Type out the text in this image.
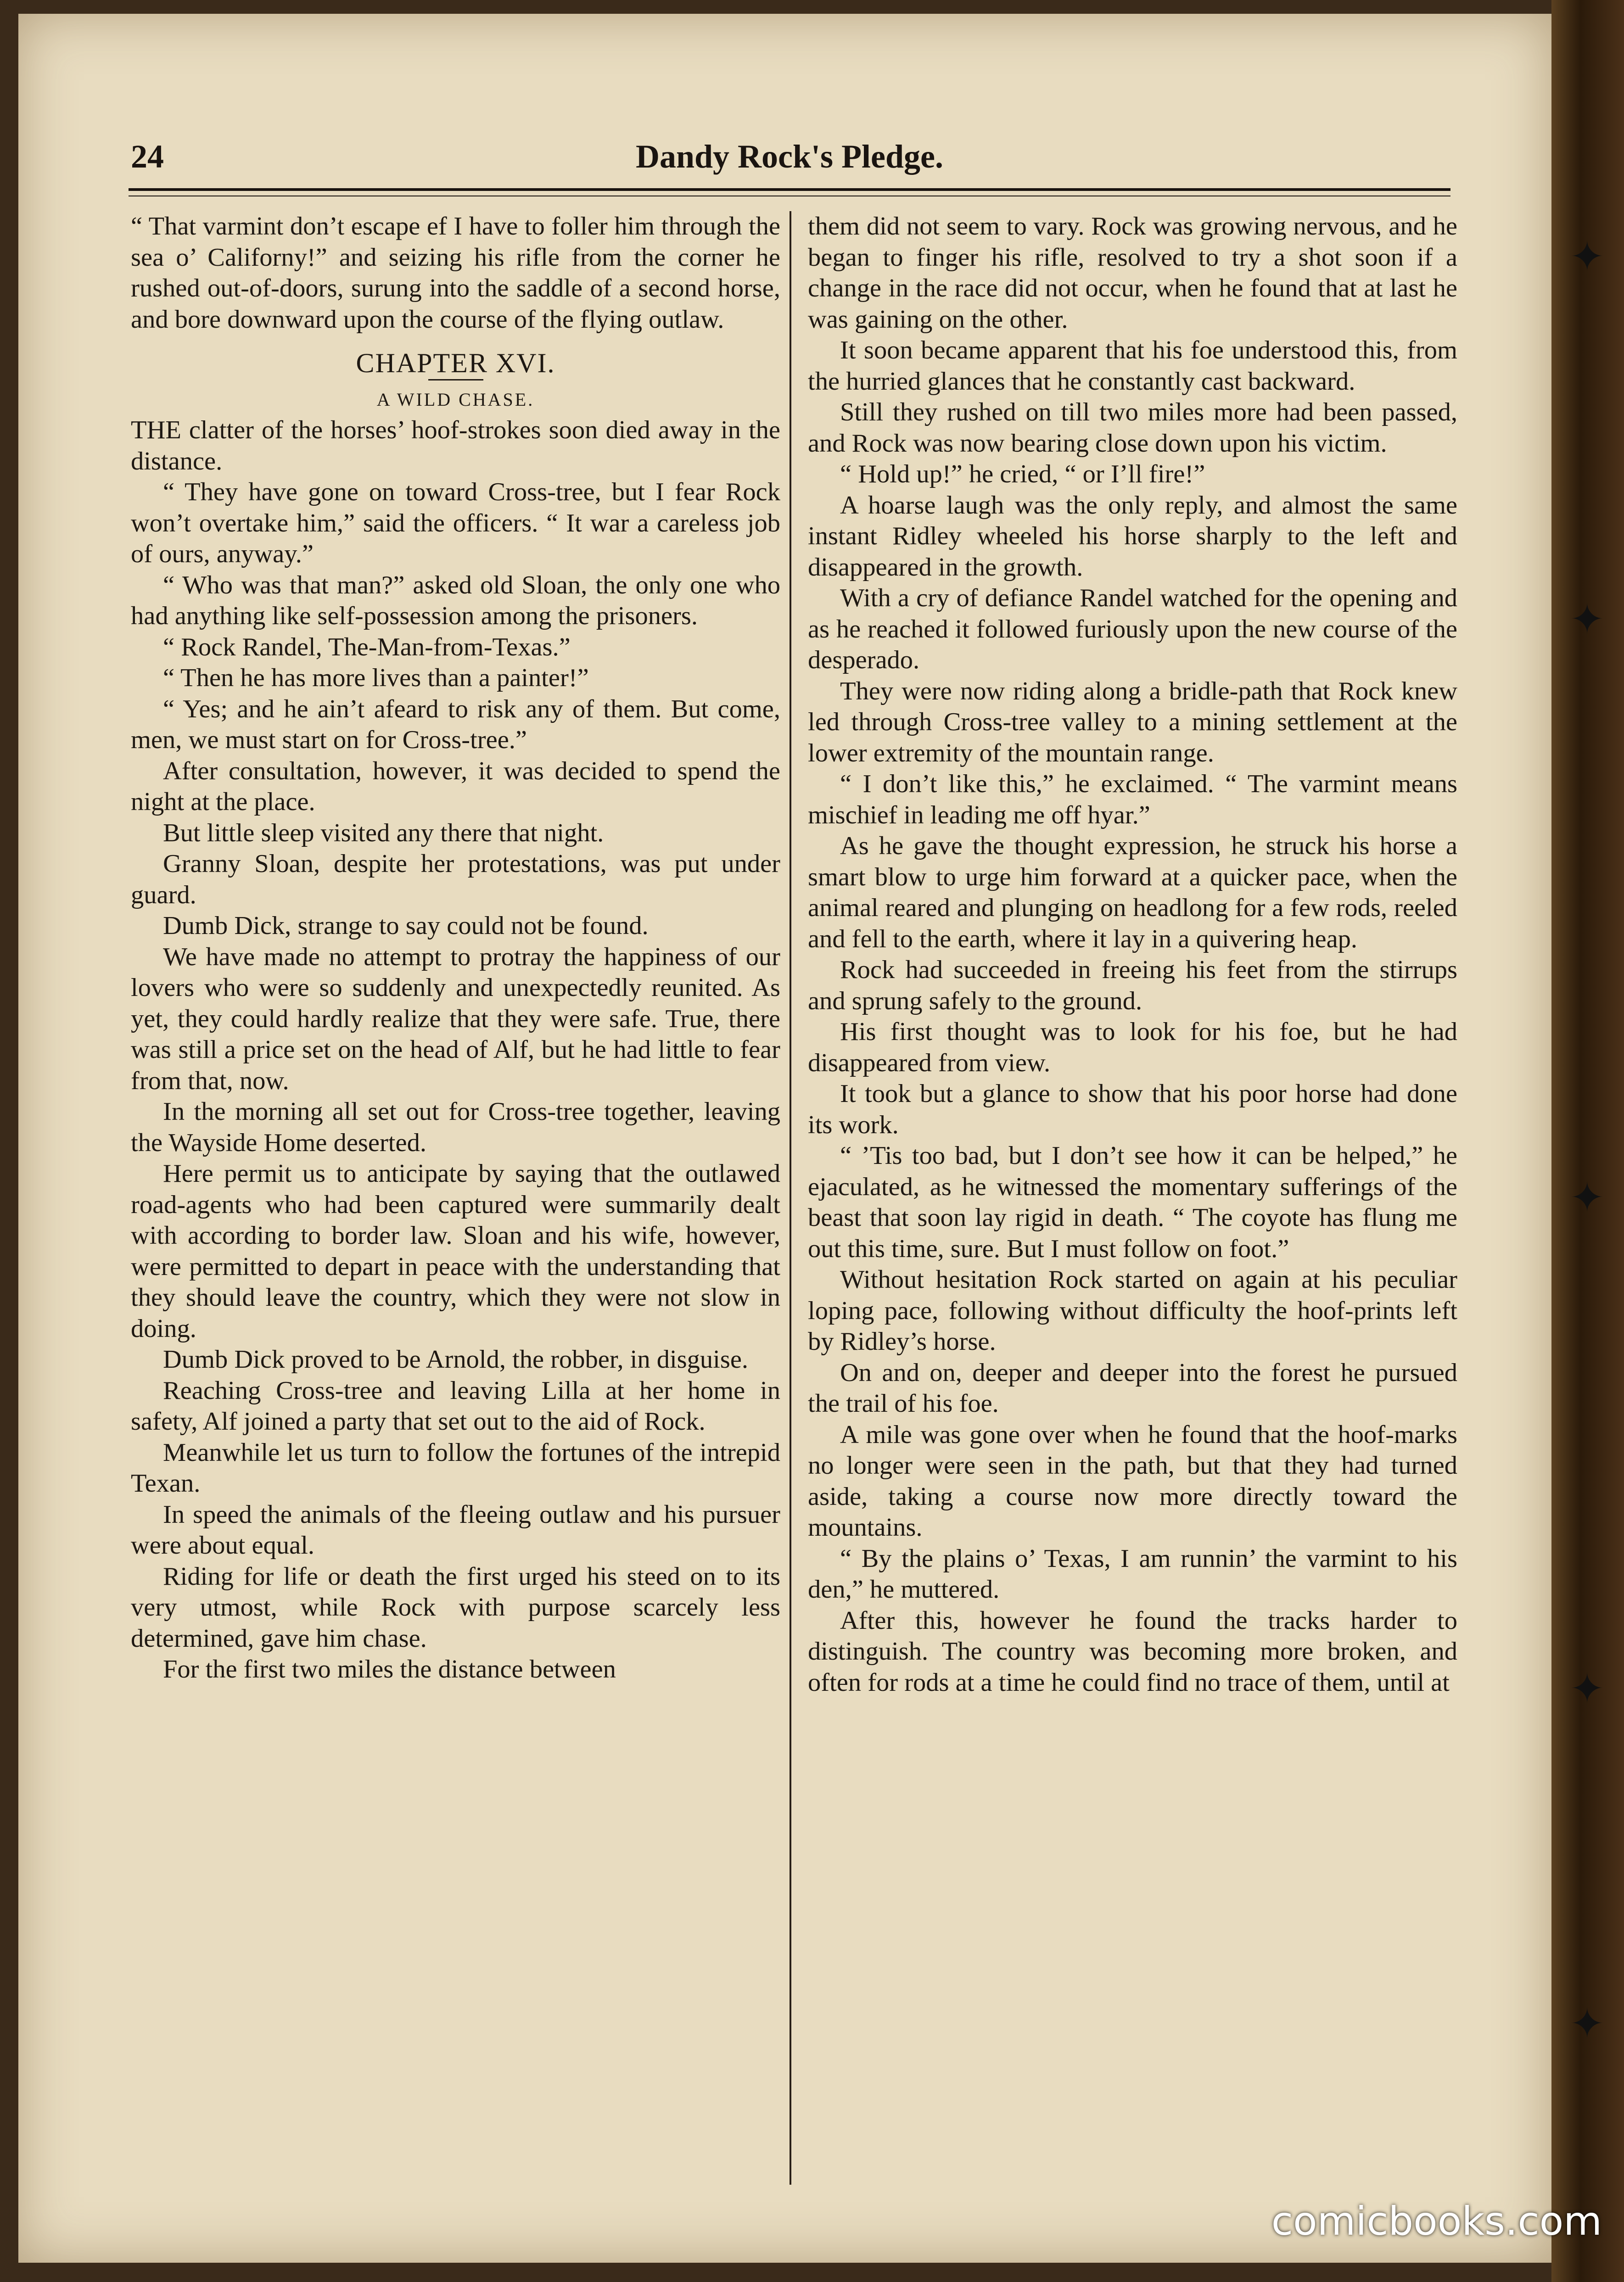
✦
✦
✦
✦
✦
24	Dandy Rock's Pledge.

“ That varmint don’t escape ef I have to foller him through the sea o’ Californy!” and seizing his rifle from the corner he rushed out-of-doors, surung into the saddle of a second horse, and bore downward upon the course of the flying outlaw.

CHAPTER XVI.
A WILD CHASE.

THE clatter of the horses’ hoof-strokes soon died away in the distance.

“ They have gone on toward Cross-tree, but I fear Rock won’t overtake him,” said the officers. “ It war a careless job of ours, anyway.”

“ Who was that man?” asked old Sloan, the only one who had anything like self-possession among the prisoners.

“ Rock Randel, The-Man-from-Texas.”

“ Then he has more lives than a painter!”

“ Yes; and he ain’t afeard to risk any of them. But come, men, we must start on for Cross-tree.”

After consultation, however, it was decided to spend the night at the place.

But little sleep visited any there that night.

Granny Sloan, despite her protestations, was put under guard.

Dumb Dick, strange to say could not be found.

We have made no attempt to protray the happiness of our lovers who were so suddenly and unexpectedly reunited. As yet, they could hardly realize that they were safe. True, there was still a price set on the head of Alf, but he had little to fear from that, now.

In the morning all set out for Cross-tree together, leaving the Wayside Home deserted.

Here permit us to anticipate by saying that the outlawed road-agents who had been captured were summarily dealt with according to border law. Sloan and his wife, however, were permitted to depart in peace with the understanding that they should leave the country, which they were not slow in doing.

Dumb Dick proved to be Arnold, the robber, in disguise.

Reaching Cross-tree and leaving Lilla at her home in safety, Alf joined a party that set out to the aid of Rock.

Meanwhile let us turn to follow the fortunes of the intrepid Texan.

In speed the animals of the fleeing outlaw and his pursuer were about equal.

Riding for life or death the first urged his steed on to its very utmost, while Rock with purpose scarcely less determined, gave him chase.

For the first two miles the distance between

them did not seem to vary. Rock was growing nervous, and he began to finger his rifle, resolved to try a shot soon if a change in the race did not occur, when he found that at last he was gaining on the other.

It soon became apparent that his foe understood this, from the hurried glances that he constantly cast backward.

Still they rushed on till two miles more had been passed, and Rock was now bearing close down upon his victim.

“ Hold up!” he cried, “ or I’ll fire!”

A hoarse laugh was the only reply, and almost the same instant Ridley wheeled his horse sharply to the left and disappeared in the growth.

With a cry of defiance Randel watched for the opening and as he reached it followed furiously upon the new course of the desperado.

They were now riding along a bridle-path that Rock knew led through Cross-tree valley to a mining settlement at the lower extremity of the mountain range.

“ I don’t like this,” he exclaimed. “ The varmint means mischief in leading me off hyar.”

As he gave the thought expression, he struck his horse a smart blow to urge him forward at a quicker pace, when the animal reared and plunging on headlong for a few rods, reeled and fell to the earth, where it lay in a quivering heap.

Rock had succeeded in freeing his feet from the stirrups and sprung safely to the ground.

His first thought was to look for his foe, but he had disappeared from view.

It took but a glance to show that his poor horse had done its work.

“ ’Tis too bad, but I don’t see how it can be helped,” he ejaculated, as he witnessed the momentary sufferings of the beast that soon lay rigid in death. “ The coyote has flung me out this time, sure. But I must follow on foot.”

Without hesitation Rock started on again at his peculiar loping pace, following without difficulty the hoof-prints left by Ridley’s horse.

On and on, deeper and deeper into the forest he pursued the trail of his foe.

A mile was gone over when he found that the hoof-marks no longer were seen in the path, but that they had turned aside, taking a course now more directly toward the mountains.

“ By the plains o’ Texas, I am runnin’ the varmint to his den,” he muttered.

After this, however he found the tracks harder to distinguish. The country was becoming more broken, and often for rods at a time he could find no trace of them, until at

comicbooks.com
